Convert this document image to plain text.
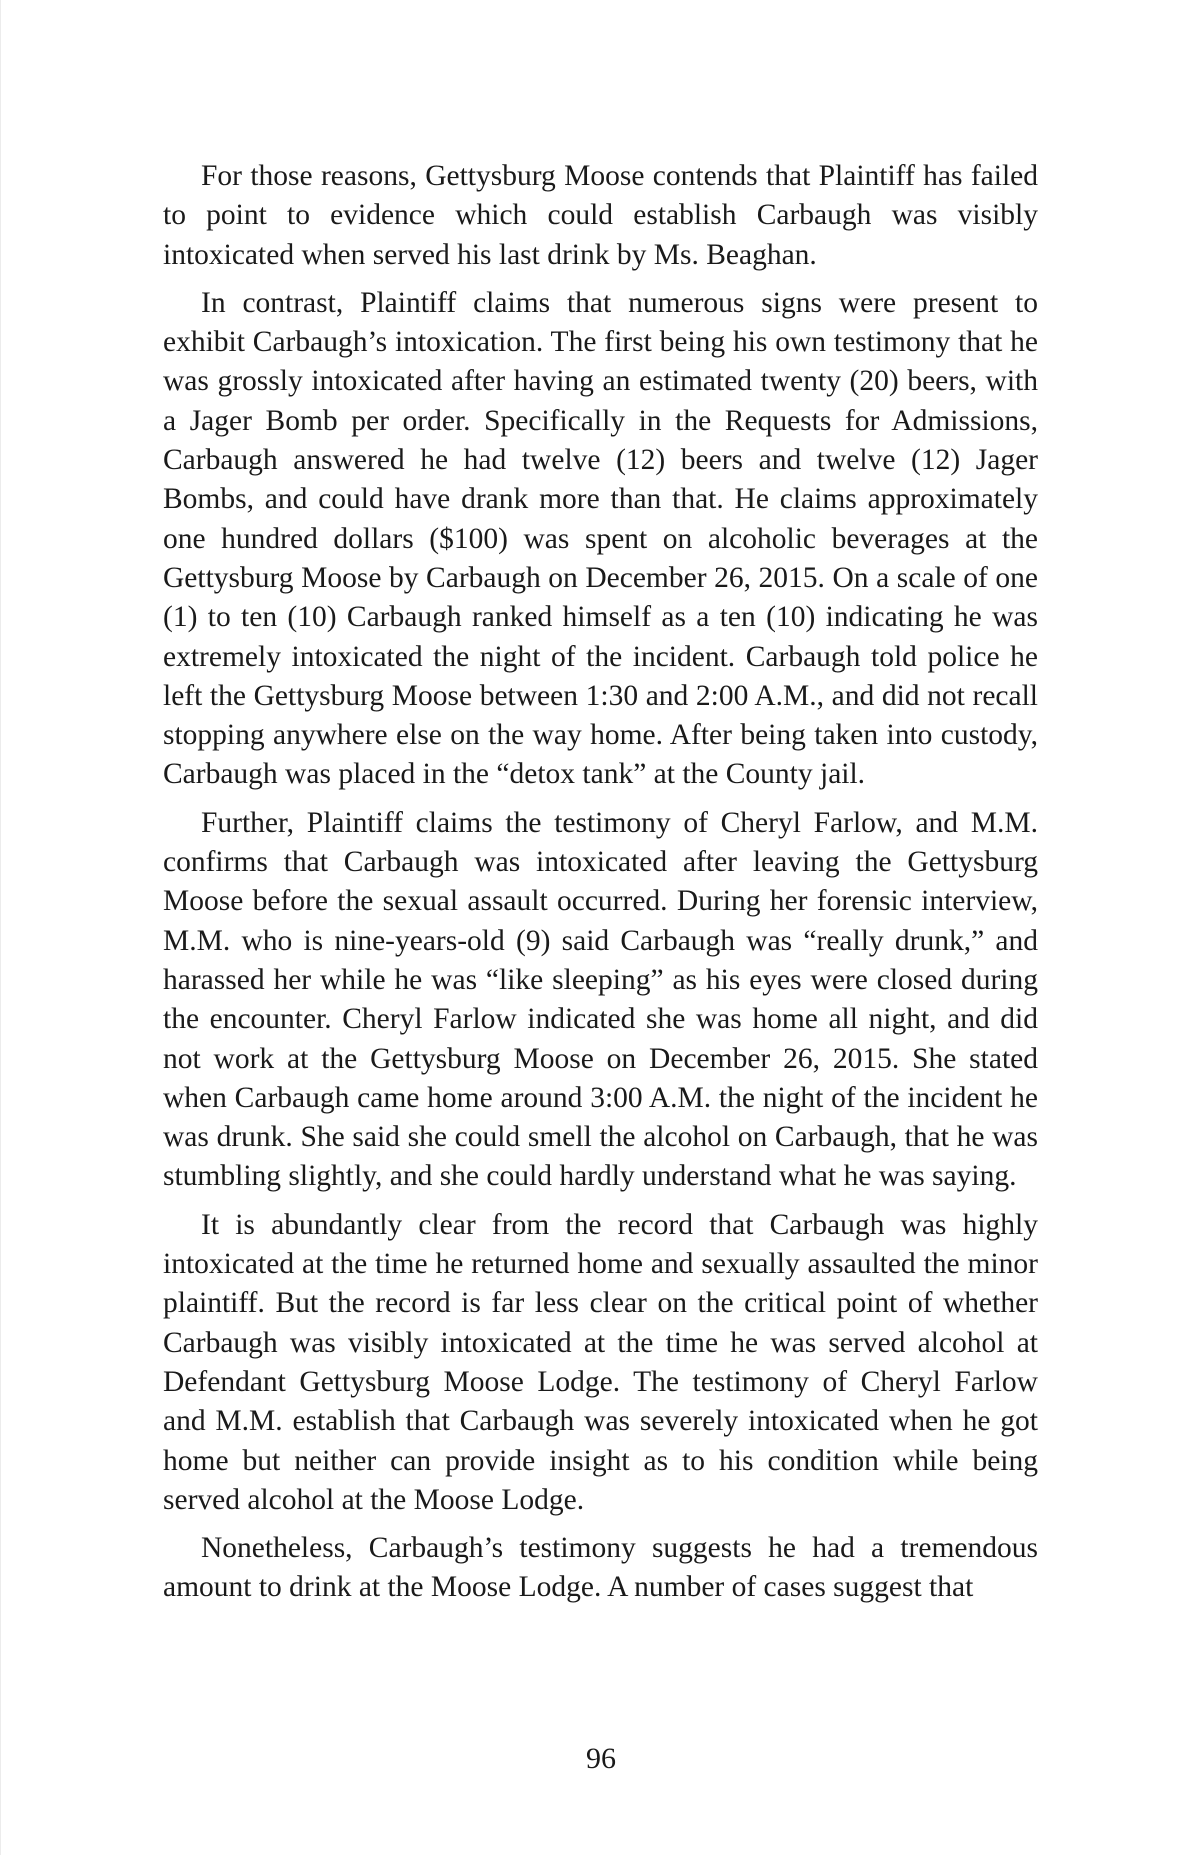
For those reasons, Gettysburg Moose contends that Plaintiff has failed to point to evidence which could establish Carbaugh was visibly intoxicated when served his last drink by Ms. Beaghan.

In contrast, Plaintiff claims that numerous signs were present to exhibit Carbaugh’s intoxication. The first being his own testimony that he was grossly intoxicated after having an estimated twenty (20) beers, with a Jager Bomb per order. Specifically in the Requests for Admissions, Carbaugh answered he had twelve (12) beers and twelve (12) Jager Bombs, and could have drank more than that. He claims approximately one hundred dollars ($100) was spent on alcoholic beverages at the Gettysburg Moose by Carbaugh on December 26, 2015. On a scale of one (1) to ten (10) Carbaugh ranked himself as a ten (10) indicating he was extremely intoxicated the night of the incident. Carbaugh told police he left the Gettysburg Moose between 1:30 and 2:00 A.M., and did not recall stopping anywhere else on the way home. After being taken into custody, Carbaugh was placed in the “detox tank” at the County jail.

Further, Plaintiff claims the testimony of Cheryl Farlow, and M.M. confirms that Carbaugh was intoxicated after leaving the Gettysburg Moose before the sexual assault occurred. During her forensic interview, M.M. who is nine-years-old (9) said Carbaugh was “really drunk,” and harassed her while he was “like sleeping” as his eyes were closed during the encounter. Cheryl Farlow indicated she was home all night, and did not work at the Gettysburg Moose on December 26, 2015. She stated when Carbaugh came home around 3:00 A.M. the night of the incident he was drunk. She said she could smell the alcohol on Carbaugh, that he was stumbling slightly, and she could hardly understand what he was saying.

It is abundantly clear from the record that Carbaugh was highly intoxicated at the time he returned home and sexually assaulted the minor plaintiff. But the record is far less clear on the critical point of whether Carbaugh was visibly intoxicated at the time he was served alcohol at Defendant Gettysburg Moose Lodge. The testimony of Cheryl Farlow and M.M. establish that Carbaugh was severely intoxicated when he got home but neither can provide insight as to his condition while being served alcohol at the Moose Lodge.

Nonetheless, Carbaugh’s testimony suggests he had a tremendous amount to drink at the Moose Lodge. A number of cases suggest that

96
